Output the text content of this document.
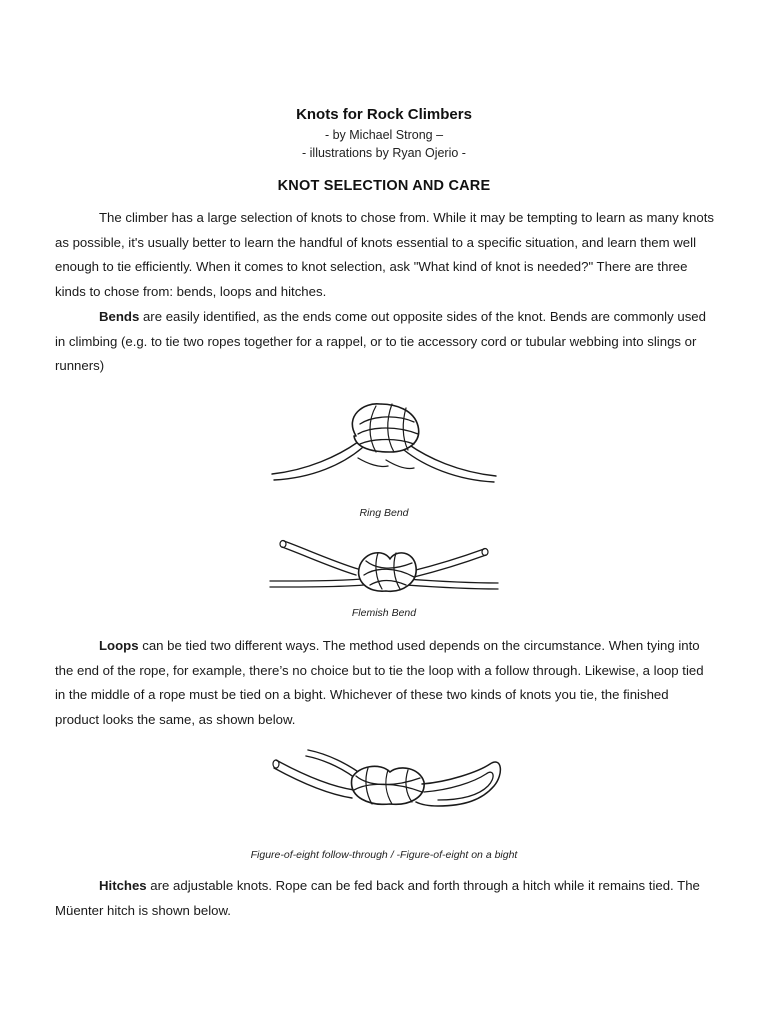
Knots for Rock Climbers
- by Michael Strong –
- illustrations by Ryan Ojerio -
KNOT SELECTION AND CARE
The climber has a large selection of knots to chose from. While it may be tempting to learn as many knots as possible, it's usually better to learn the handful of knots essential to a specific situation, and learn them well enough to tie efficiently. When it comes to knot selection, ask "What kind of knot is needed?" There are three kinds to chose from: bends, loops and hitches.
Bends are easily identified, as the ends come out opposite sides of the knot. Bends are commonly used in climbing (e.g. to tie two ropes together for a rappel, or to tie accessory cord or tubular webbing into slings or runners)
Ring Bend
Flemish Bend
Loops can be tied two different ways. The method used depends on the circumstance. When tying into the end of the rope, for example, there’s no choice but to tie the loop with a follow through. Likewise, a loop tied in the middle of a rope must be tied on a bight. Whichever of these two kinds of knots you tie, the finished product looks the same, as shown below.
Figure-of-eight follow-through / -Figure-of-eight on a bight
Hitches are adjustable knots. Rope can be fed back and forth through a hitch while it remains tied. The Müenter hitch is shown below.
